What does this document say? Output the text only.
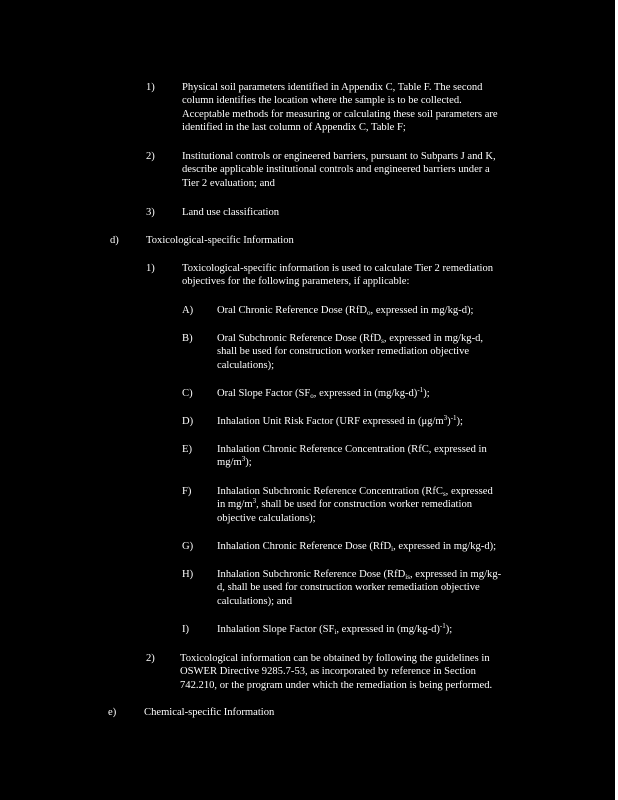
1)	Physical soil parameters identified in Appendix C, Table F. The second
column identifies the location where the sample is to be collected.
Acceptable methods for measuring or calculating these soil parameters are
identified in the last column of Appendix C, Table F;
2)	Institutional controls or engineered barriers, pursuant to Subparts J and K,
describe applicable institutional controls and engineered barriers under a
Tier 2 evaluation; and
3)	Land use classification
d)	Toxicological-specific Information
1)	Toxicological-specific information is used to calculate Tier 2 remediation
objectives for the following parameters, if applicable:
A) Oral Chronic Reference Dose (RfD$_o$, expressed in mg/kg-d);
B) Oral Subchronic Reference Dose (RfD$_s$, expressed in mg/kg-d,
shall be used for construction worker remediation objective
calculations);
C) Oral Slope Factor ($SF_o$, expressed in $(mg/kg-d)^{-1}$);
D) Inhalation Unit Risk Factor (URF expressed in $(\mu g/m^3)^{-1}$);
E) Inhalation Chronic Reference Concentration (RfC, expressed in
$mg/m^3$);
F) Inhalation Subchronic Reference Concentration (RfC$_s$, expressed
in $mg/m^3$, shall be used for construction worker remediation
objective calculations);
G) Inhalation Chronic Reference Dose (RfD$_i$, expressed in mg/kg-d);
H) Inhalation Subchronic Reference Dose (RfD$_{is}$, expressed in mg/kg-
d, shall be used for construction worker remediation objective
calculations); and
I)	Inhalation Slope Factor ($SF_i$, expressed in $(mg/kg-d)^{-1}$);
2) Toxicological information can be obtained by following the guidelines in
OSWER Directive 9285.7-53, as incorporated by reference in Section
742.210, or the program under which the remediation is being performed.
e)	Chemical-specific Information
